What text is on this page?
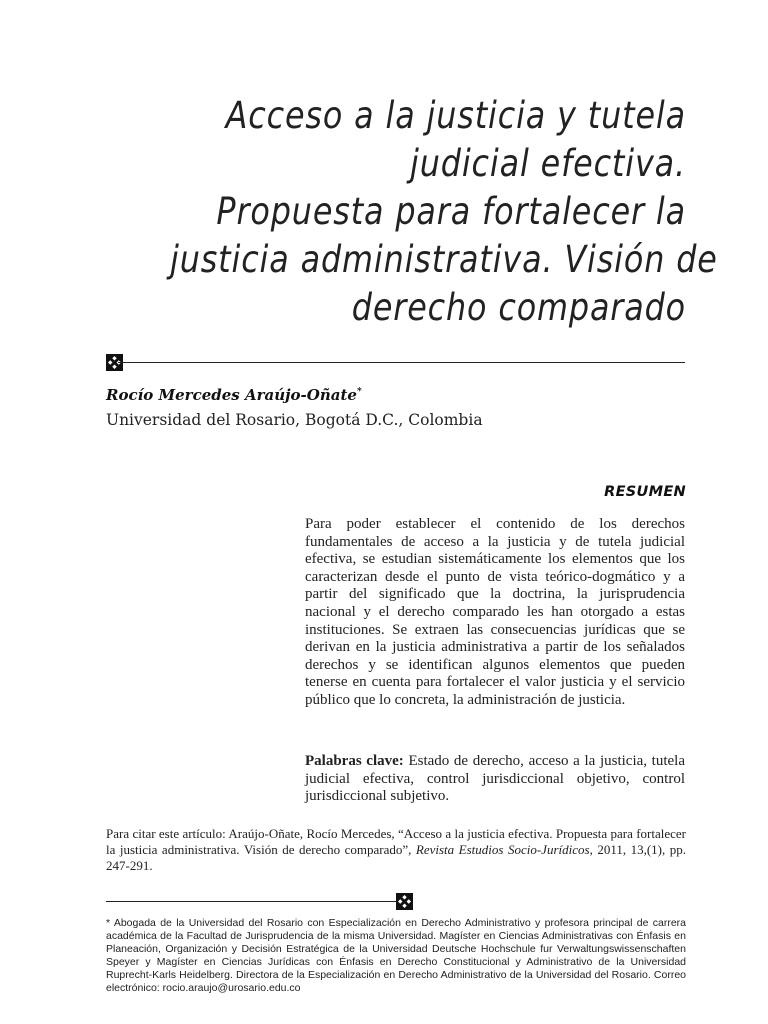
Acceso a la justicia y tutela
judicial efectiva.
Propuesta para fortalecer la
justicia administrativa. Visión de
derecho comparado
Rocío Mercedes Araújo-Oñate*
Universidad del Rosario, Bogotá D.C., Colombia
RESUMEN
Para poder establecer el contenido de los derechos fundamentales de acceso a la justicia y de tutela judicial efectiva, se estudian sistemáticamente los elementos que los caracterizan desde el punto de vista teórico-dogmático y a partir del significado que la doctrina, la jurisprudencia nacional y el derecho comparado les han otorgado a estas instituciones. Se extraen las consecuencias jurídicas que se derivan en la justicia administrativa a partir de los señalados derechos y se identifican algunos elementos que pueden tenerse en cuenta para fortalecer el valor justicia y el servicio público que lo concreta, la administración de justicia.
Palabras clave: Estado de derecho, acceso a la justicia, tutela judicial efectiva, control jurisdiccional objetivo, control jurisdiccional subjetivo.
Para citar este artículo: Araújo-Oñate, Rocío Mercedes, “Acceso a la justicia efectiva. Propuesta para fortalecer la justicia administrativa. Visión de derecho comparado”, Revista Estudios Socio-Jurídicos, 2011, 13,(1), pp. 247-291.
* Abogada de la Universidad del Rosario con Especialización en Derecho Administrativo y profesora principal de carrera académica de la Facultad de Jurisprudencia de la misma Universidad. Magíster en Ciencias Administrativas con Énfasis en Planeación, Organización y Decisión Estratégica de la Universidad Deutsche Hochschule fur Verwaltungswissenschaften Speyer y Magíster en Ciencias Jurídicas con Énfasis en Derecho Constitucional y Administrativo de la Universidad Ruprecht-Karls Heidelberg. Directora de la Especialización en Derecho Administrativo de la Universidad del Rosario. Correo electrónico: rocio.araujo@urosario.edu.co
